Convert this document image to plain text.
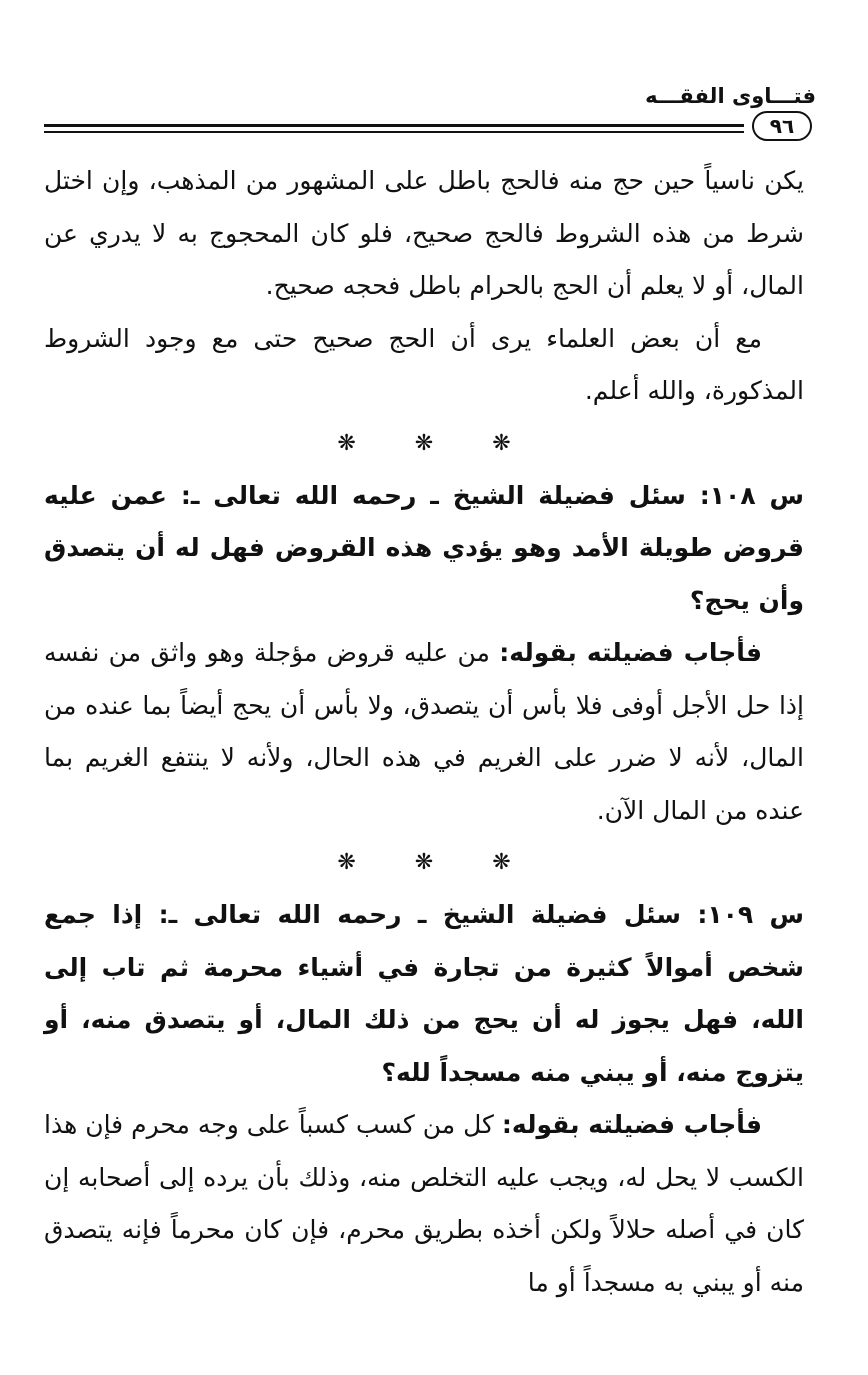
فتـــاوى الفقـــه
٩٦

يكن ناسياً حين حج منه فالحج باطل على المشهور من المذهب، وإن اختل شرط من هذه الشروط فالحج صحيح، فلو كان المحجوج به لا يدري عن المال، أو لا يعلم أن الحج بالحرام باطل فحجه صحيح.

مع أن بعض العلماء يرى أن الحج صحيح حتى مع وجود الشروط المذكورة، والله أعلم.

❋	❋	❋

س ١٠٨: سئل فضيلة الشيخ ـ رحمه الله تعالى ـ: عمن عليه قروض طويلة الأمد وهو يؤدي هذه القروض فهل له أن يتصدق وأن يحج؟

فأجاب فضيلته بقوله: من عليه قروض مؤجلة وهو واثق من نفسه إذا حل الأجل أوفى فلا بأس أن يتصدق، ولا بأس أن يحج أيضاً بما عنده من المال، لأنه لا ضرر على الغريم في هذه الحال، ولأنه لا ينتفع الغريم بما عنده من المال الآن.

❋	❋	❋

س ١٠٩: سئل فضيلة الشيخ ـ رحمه الله تعالى ـ: إذا جمع شخص أموالاً كثيرة من تجارة في أشياء محرمة ثم تاب إلى الله، فهل يجوز له أن يحج من ذلك المال، أو يتصدق منه، أو يتزوج منه، أو يبني منه مسجداً لله؟

فأجاب فضيلته بقوله: كل من كسب كسباً على وجه محرم فإن هذا الكسب لا يحل له، ويجب عليه التخلص منه، وذلك بأن يرده إلى أصحابه إن كان في أصله حلالاً ولكن أخذه بطريق محرم، فإن كان محرماً فإنه يتصدق منه أو يبني به مسجداً أو ما
